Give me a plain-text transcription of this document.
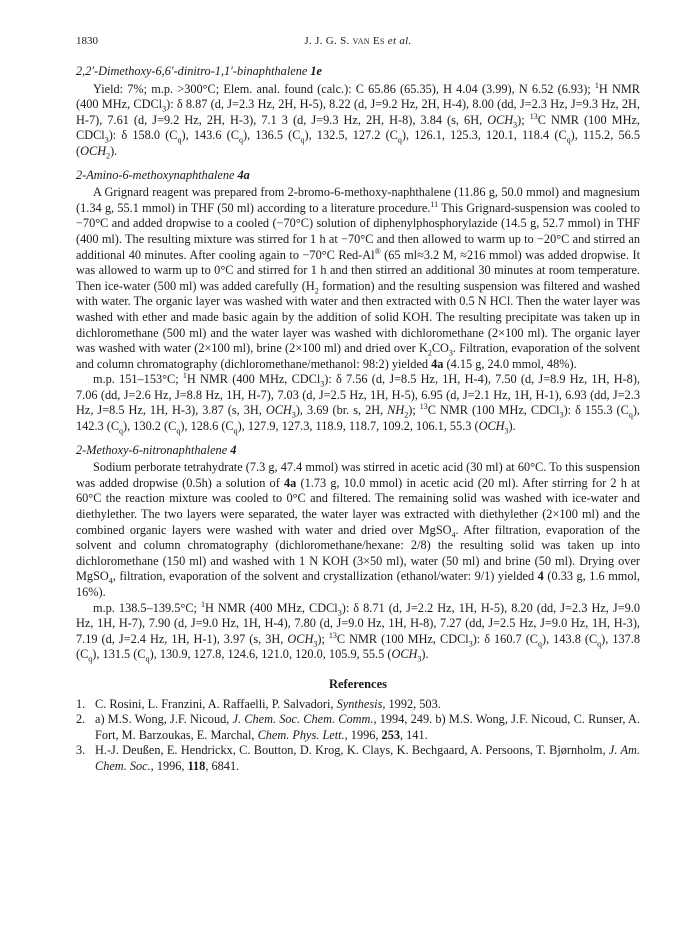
1830	J. J. G. S. van Es et al.
2,2′-Dimethoxy-6,6′-dinitro-1,1′-binaphthalene 1e

Yield: 7%; m.p. >300°C; Elem. anal. found (calc.): C 65.86 (65.35), H 4.04 (3.99), N 6.52 (6.93); $^1$H NMR (400 MHz, CDCl$_3$): δ 8.87 (d, J=2.3 Hz, 2H, H-5), 8.22 (d, J=9.2 Hz, 2H, H-4), 8.00 (dd, J=2.3 Hz, J=9.3 Hz, 2H, H-7), 7.61 (d, J=9.2 Hz, 2H, H-3), 7.1 3 (d, J=9.3 Hz, 2H, H-8), 3.84 (s, 6H, $OCH_3$); $^{13}$C NMR (100 MHz, CDCl$_3$): δ 158.0 $(C_q)$, 143.6 $(C_q)$, 136.5 $(C_q)$, 132.5, 127.2 $(C_q)$, 126.1, 125.3, 120.1, 118.4 $(C_q)$, 115.2, 56.5 $(OCH_2)$.

2-Amino-6-methoxynaphthalene 4a

A Grignard reagent was prepared from 2-bromo-6-methoxy-naphthalene (11.86 g, 50.0 mmol) and magnesium (1.34 g, 55.1 mmol) in THF (50 ml) according to a literature procedure.$^{11}$ This Grignard-suspension was cooled to −70°C and added dropwise to a cooled (−70°C) solution of diphenylphosphorylazide (14.5 g, 52.7 mmol) in THF (400 ml). The resulting mixture was stirred for 1 h at −70°C and then allowed to warm up to −20°C and stirred an additional 40 minutes. After cooling again to −70°C Red-Al® (65 ml≈3.2 M, ≈216 mmol) was added dropwise. It was allowed to warm up to 0°C and stirred for 1 h and then stirred an additional 30 minutes at room temperature. Then ice-water (500 ml) was added carefully ($H_2$ formation) and the resulting suspension was filtered and washed with water. The organic layer was washed with water and then extracted with 0.5 N HCl. Then the water layer was washed with ether and made basic again by the addition of solid KOH. The resulting precipitate was taken up in dichloromethane (500 ml) and the water layer was washed with dichloromethane (2×100 ml). The organic layer was washed with water (2×100 ml), brine (2×100 ml) and dried over $K_2CO_3$. Filtration, evaporation of the solvent and column chromatography (dichloromethane/methanol: 98:2) yielded 4a (4.15 g, 24.0 mmol, 48%).

m.p. 151–153°C; $^1$H NMR (400 MHz, CDCl$_3$): δ 7.56 (d, J=8.5 Hz, 1H, H-4), 7.50 (d, J=8.9 Hz, 1H, H-8), 7.06 (dd, J=2.6 Hz, J=8.8 Hz, 1H, H-7), 7.03 (d, J=2.5 Hz, 1H, H-5), 6.95 (d, J=2.1 Hz, 1H, H-1), 6.93 (dd, J=2.3 Hz, J=8.5 Hz, 1H, H-3), 3.87 (s, 3H, $OCH_3$), 3.69 (br. s, 2H, $NH_2$); $^{13}$C NMR (100 MHz, CDCl$_3$): δ 155.3 $(C_q)$, 142.3 $(C_q)$, 130.2 $(C_q)$, 128.6 $(C_q)$, 127.9, 127.3, 118.9, 118.7, 109.2, 106.1, 55.3 $(OCH_3)$.

2-Methoxy-6-nitronaphthalene 4

Sodium perborate tetrahydrate (7.3 g, 47.4 mmol) was stirred in acetic acid (30 ml) at 60°C. To this suspension was added dropwise (0.5h) a solution of 4a (1.73 g, 10.0 mmol) in acetic acid (20 ml). After stirring for 2 h at 60°C the reaction mixture was cooled to 0°C and filtered. The remaining solid was washed with ice-water and diethylether. The two layers were separated, the water layer was extracted with diethylether (2×100 ml) and the combined organic layers were washed with water and dried over MgSO$_4$. After filtration, evaporation of the solvent and column chromatography (dichloromethane/hexane: 2/8) the resulting solid was taken up into dichloromethane (150 ml) and washed with 1 N KOH (3×50 ml), water (50 ml) and brine (50 ml). Drying over MgSO$_4$, filtration, evaporation of the solvent and crystallization (ethanol/water: 9/1) yielded 4 (0.33 g, 1.6 mmol, 16%).

m.p. 138.5–139.5°C; $^1$H NMR (400 MHz, CDCl$_3$): δ 8.71 (d, J=2.2 Hz, 1H, H-5), 8.20 (dd, J=2.3 Hz, J=9.0 Hz, 1H, H-7), 7.90 (d, J=9.0 Hz, 1H, H-4), 7.80 (d, J=9.0 Hz, 1H, H-8), 7.27 (dd, J=2.5 Hz, J=9.0 Hz, 1H, H-3), 7.19 (d, J=2.4 Hz, 1H, H-1), 3.97 (s, 3H, $OCH_3$); $^{13}$C NMR (100 MHz, CDCl$_3$): δ 160.7 $(C_q)$, 143.8 $(C_q)$, 137.8 $(C_q)$, 131.5 $(C_q)$, 130.9, 127.8, 124.6, 121.0, 120.0, 105.9, 55.5 $(OCH_3)$.

References
1. C. Rosini, L. Franzini, A. Raffaelli, P. Salvadori, Synthesis, 1992, 503.
2. a) M.S. Wong, J.F. Nicoud, J. Chem. Soc. Chem. Comm., 1994, 249. b) M.S. Wong, J.F. Nicoud, C. Runser, A. Fort, M. Barzoukas, E. Marchal, Chem. Phys. Lett., 1996, 253, 141.
3. H.-J. Deußen, E. Hendrickx, C. Boutton, D. Krog, K. Clays, K. Bechgaard, A. Persoons, T. Bjørnholm, J. Am. Chem. Soc., 1996, 118, 6841.
